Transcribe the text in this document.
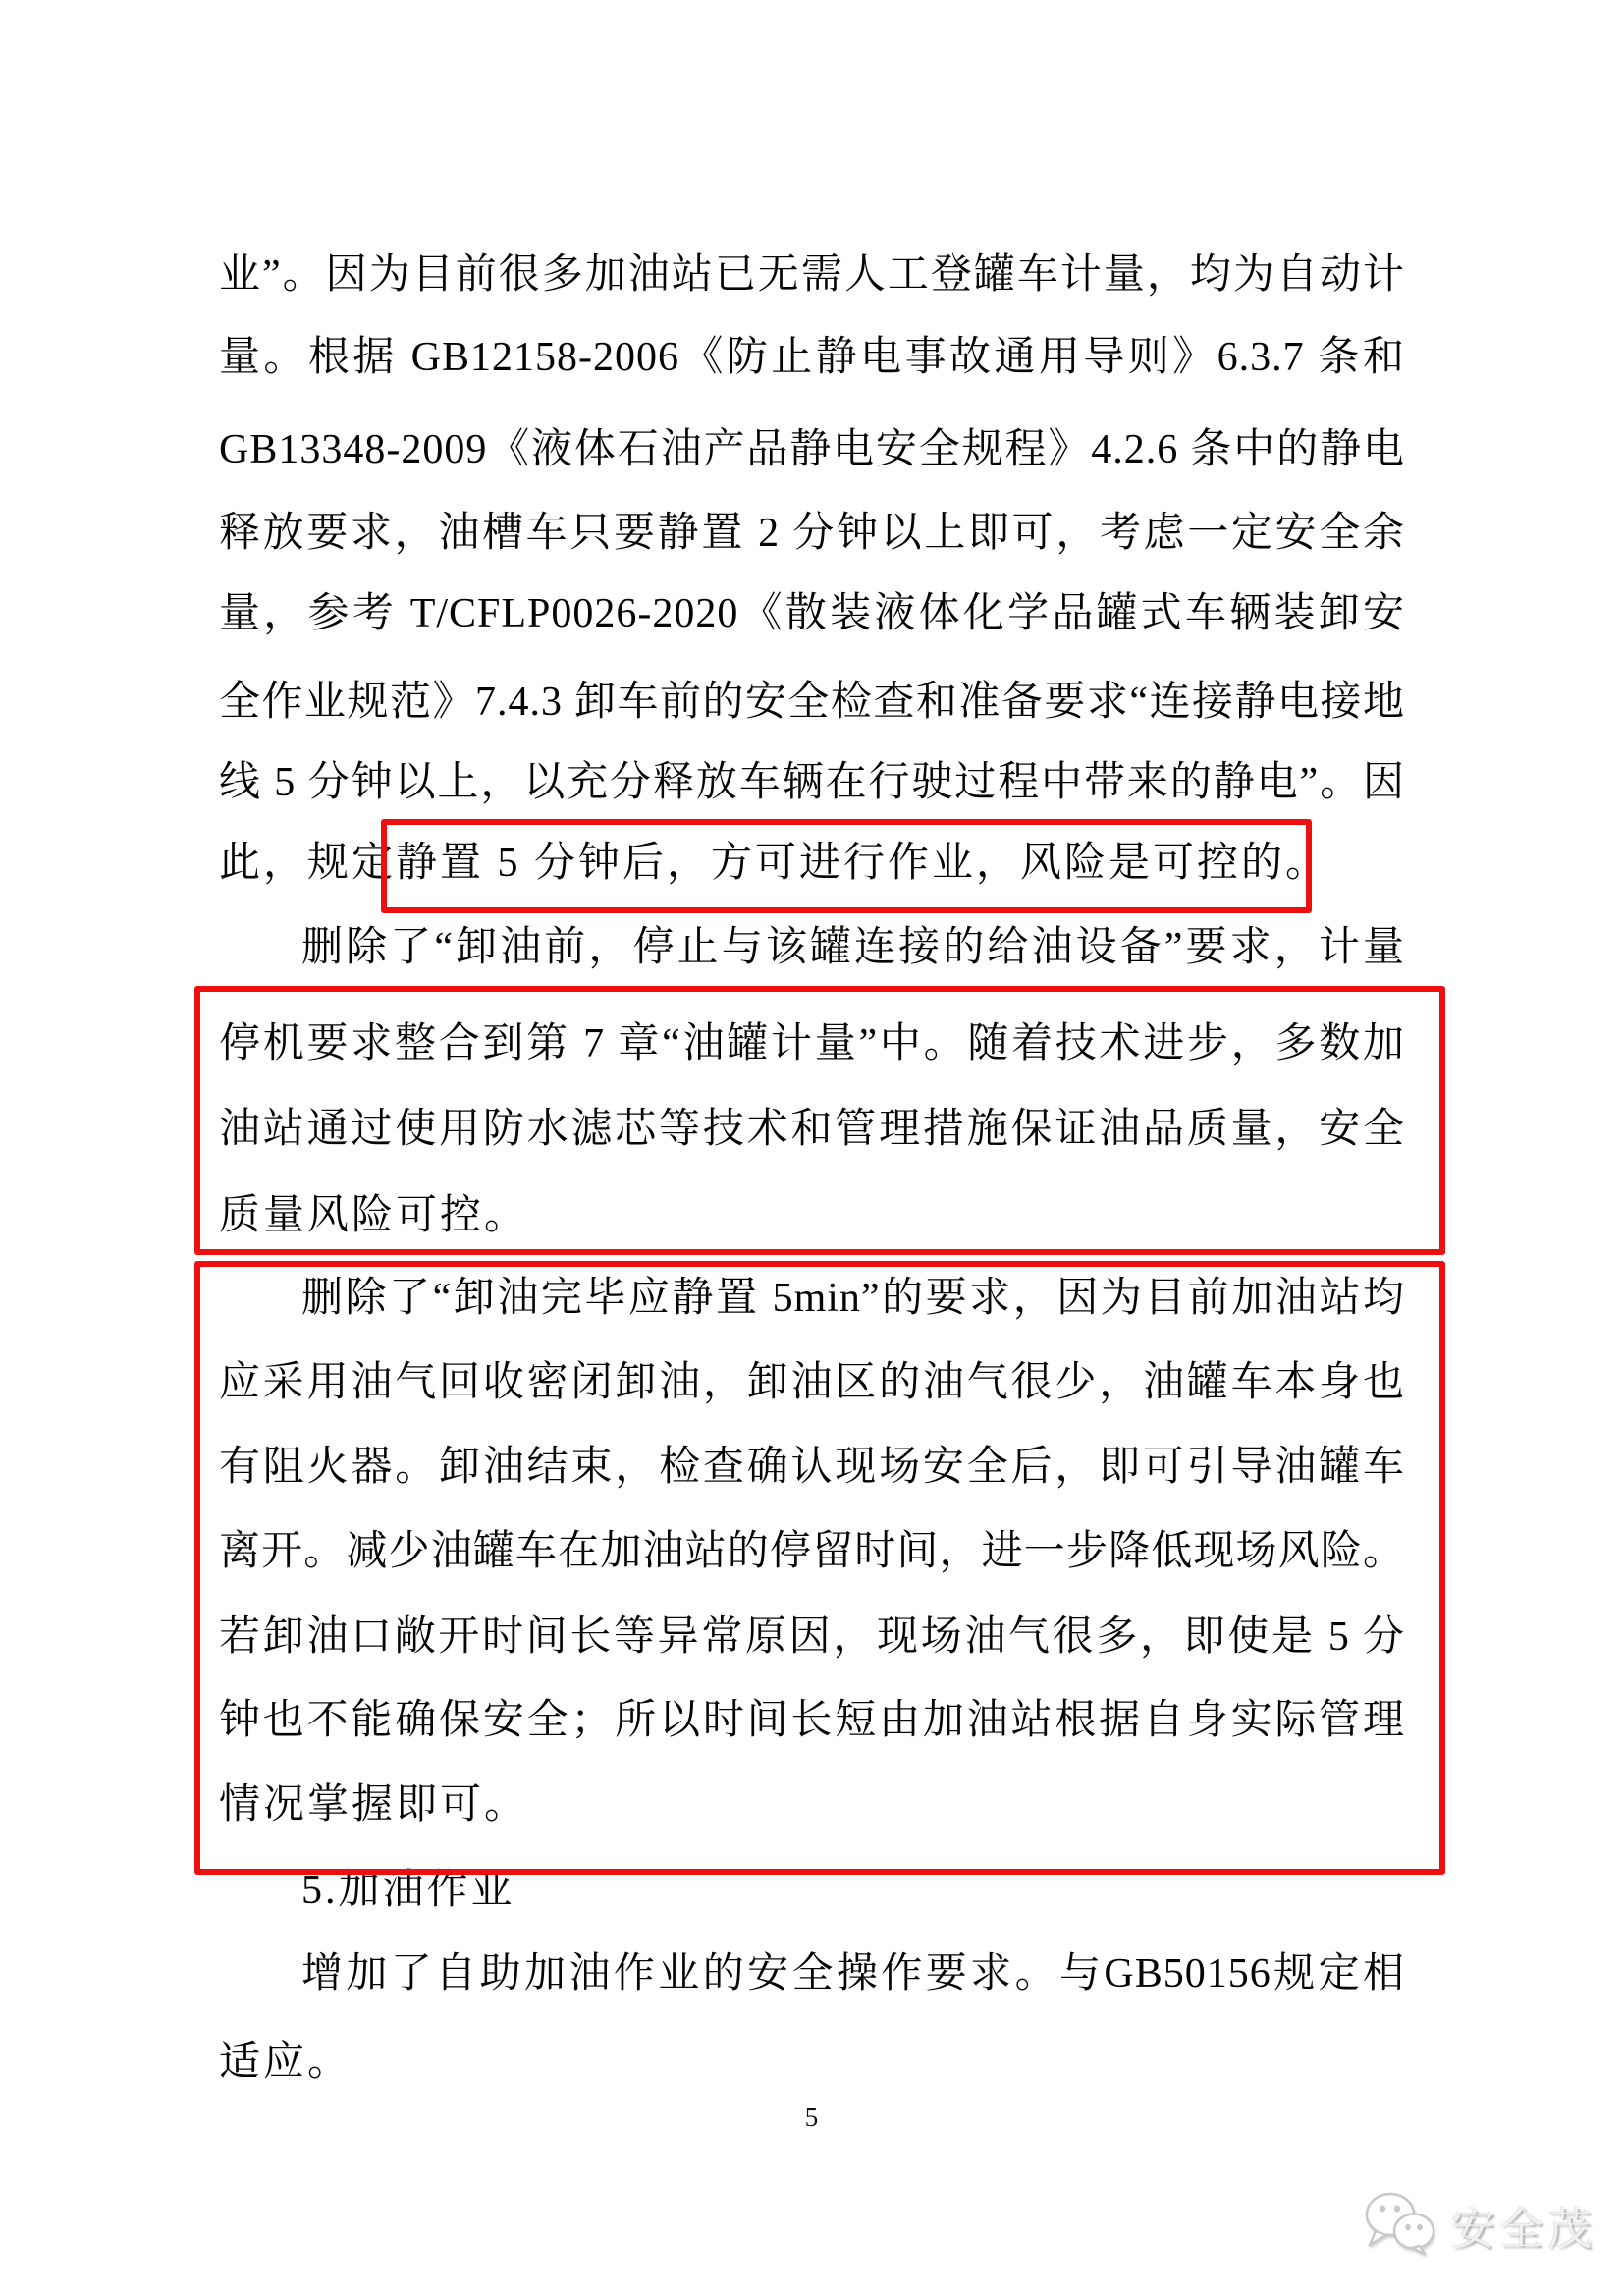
业”。因为目前很多加油站已无需人工登罐车计量，均为自动计
量。根据 GB12158-2006《防止静电事故通用导则》6.3.7 条和
GB13348-2009《液体石油产品静电安全规程》4.2.6 条中的静电
释放要求，油槽车只要静置 2 分钟以上即可，考虑一定安全余
量，参考 T/CFLP0026-2020《散装液体化学品罐式车辆装卸安
全作业规范》7.4.3 卸车前的安全检查和准备要求“连接静电接地
线 5 分钟以上，以充分释放车辆在行驶过程中带来的静电”。因
此，规定静置 5 分钟后，方可进行作业，风险是可控的。
删除了“卸油前，停止与该罐连接的给油设备”要求，计量
停机要求整合到第 7 章“油罐计量”中。随着技术进步，多数加
油站通过使用防水滤芯等技术和管理措施保证油品质量，安全
质量风险可控。
删除了“卸油完毕应静置 5min”的要求，因为目前加油站均
应采用油气回收密闭卸油，卸油区的油气很少，油罐车本身也
有阻火器。卸油结束，检查确认现场安全后，即可引导油罐车
离开。减少油罐车在加油站的停留时间，进一步降低现场风险。
若卸油口敞开时间长等异常原因，现场油气很多，即使是 5 分
钟也不能确保安全；所以时间长短由加油站根据自身实际管理
情况掌握即可。
5.加油作业
增加了自助加油作业的安全操作要求。与GB50156规定相
适应。
5
安全茂
